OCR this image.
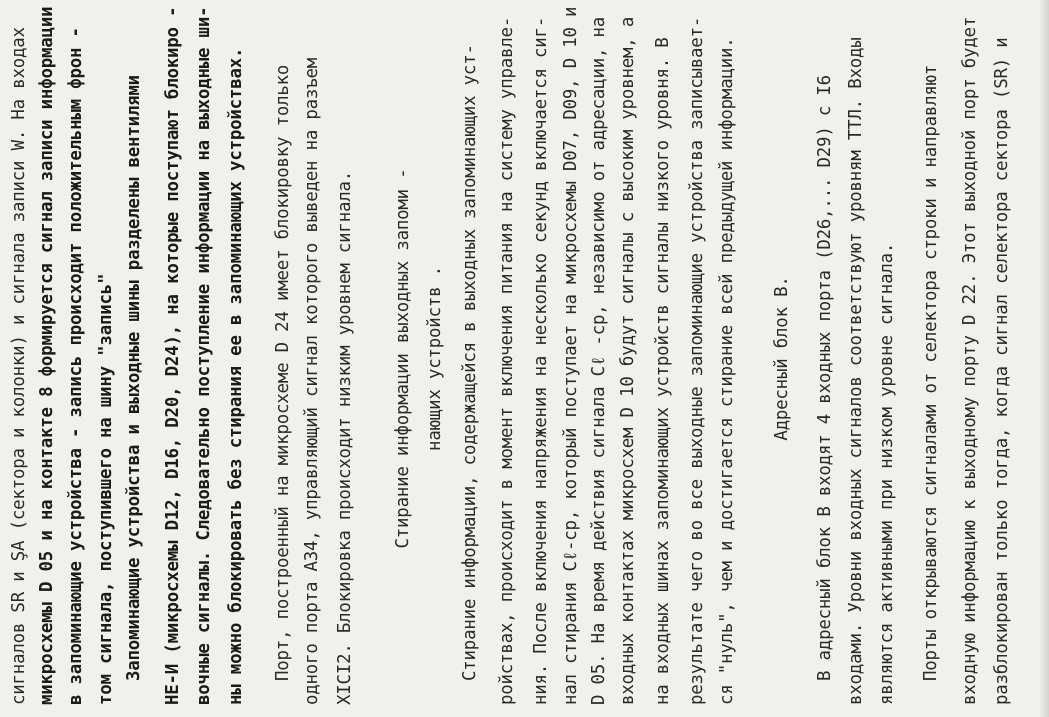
сигналов SR и ŞA (сектора и колонки) и сигнала записи W. На входах микросхемы D 05 и на контакте 8 формируется сигнал записи информации в запоминающие устройства - запись происходит положительным фрон - том сигнала, поступившего на шину "запись" Запоминающие устройства и выходные шины разделены вентилями НЕ-И (микросхемы D12, D16, D20, D24), на которые поступают блокиро - вочные сигналы. Следовательно поступление информации на выходные ши- ны можно блокировать без стирания ее в запоминающих устройствах. Порт, построенный на микросхеме D 24 имеет блокировку только одного порта А34, управляющий сигнал которого выведен на разъем ХIСI2. Блокировка происходит низким уровнем сигнала. Стирание информации выходных запоми - нающих устройств . Стирание информации, содержащейся в выходных запоминающих уст- ройствах, происходит в момент включения питания на систему управле- ния. После включения напряжения на несколько секунд включается сиг- нал стирания Cℓ-ср, который поступает на микросхемы D07, D09, D 10 и D 05. На время действия сигнала Cℓ -ср, независимо от адресации, на входных контактах микросхем D 10 будут сигналы с высоким уровнем, а на входных шинах запоминающих устройств сигналы низкого уровня. В результате чего во все выходные запоминающие устройства записывает- ся "нуль", чем и достигается стирание всей предыдущей информации. Адресный блок В. В адресный блок В входят 4 входных порта (D26,... D29) с I6 входами. Уровни входных сигналов соответствуют уровням ТТЛ. Входы являются активными при низком уровне сигнала. Порты открываются сигналами от селектора строки и направляют входную информацию к выходному порту D 22. Этот выходной порт будет разблокирован только тогда, когда сигнал селектора сектора (SR) и
